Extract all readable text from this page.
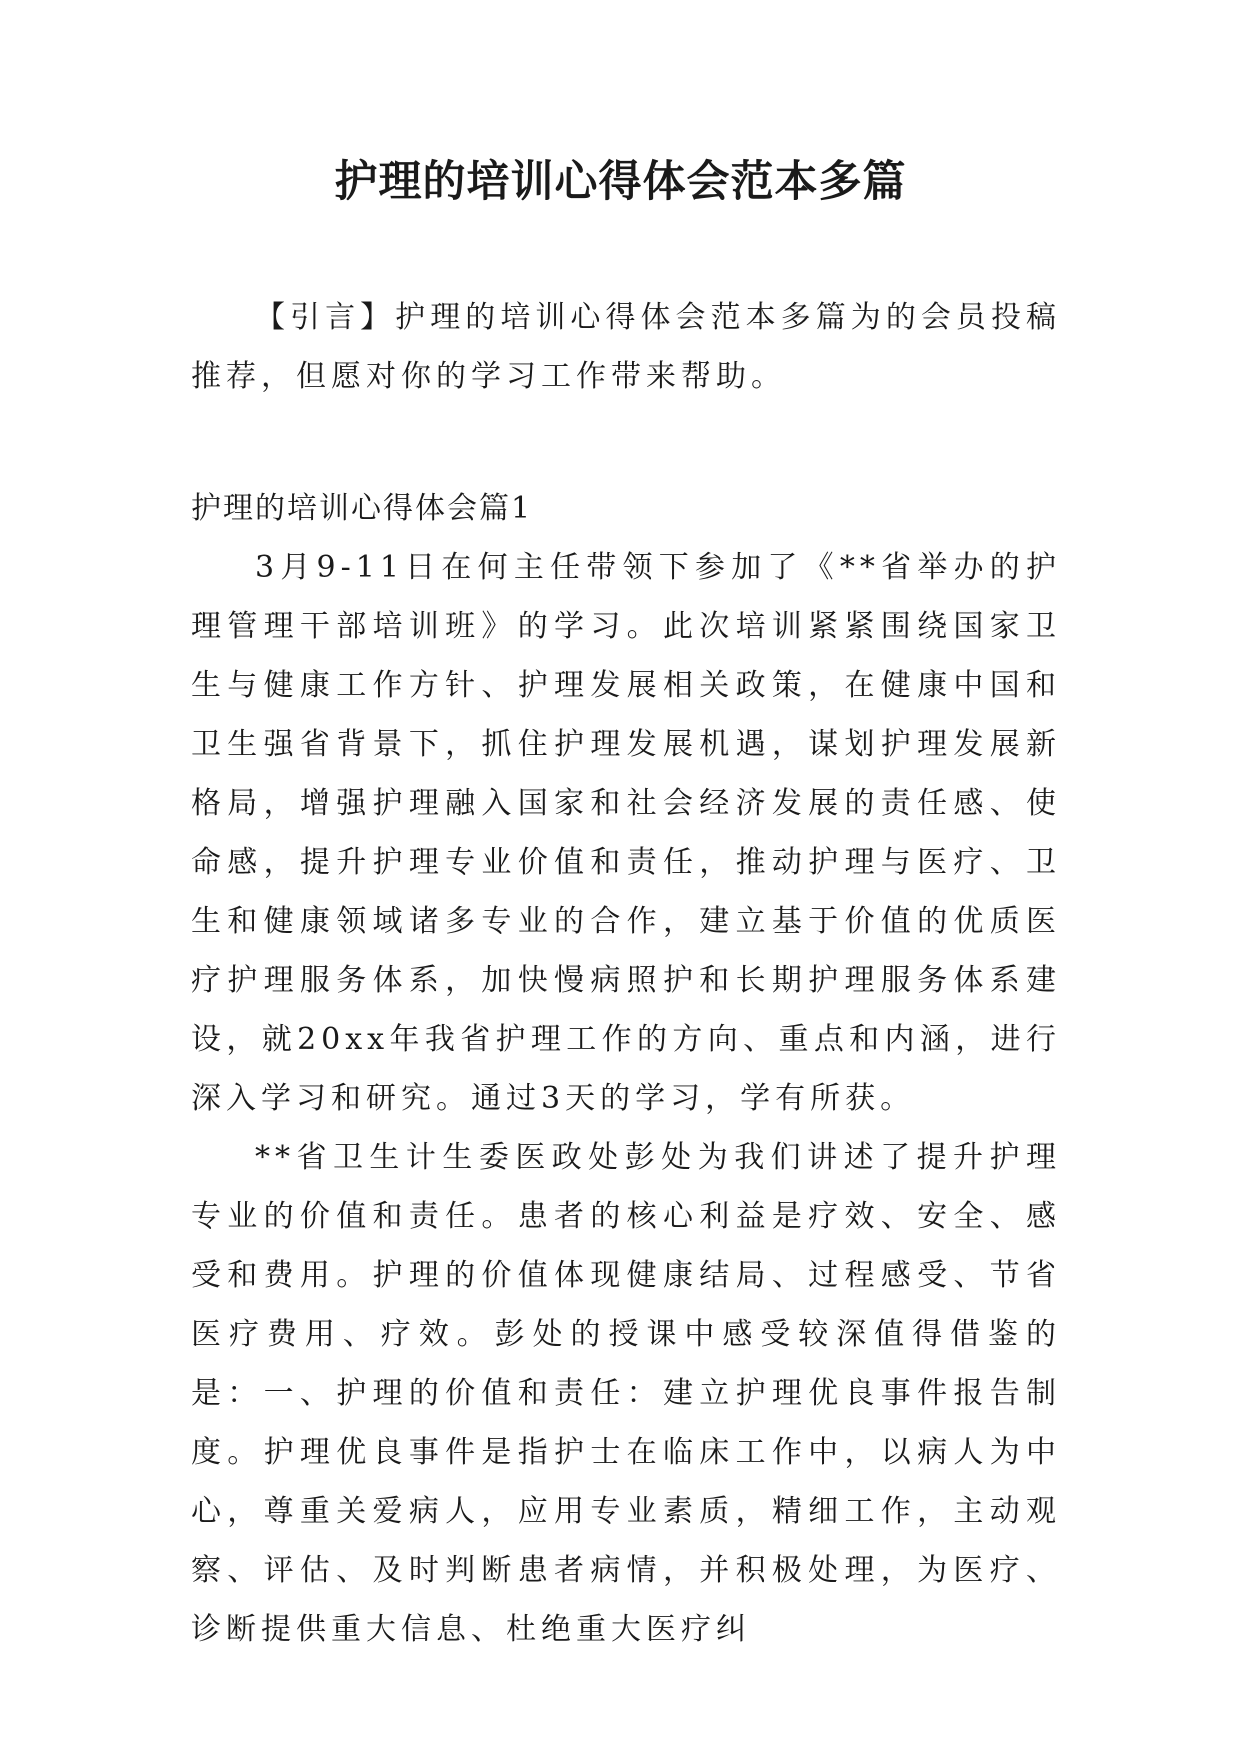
护理的培训心得体会范本多篇

【引言】护理的培训心得体会范本多篇为的会员投稿推荐，但愿对你的学习工作带来帮助。

护理的培训心得体会篇1

3月9-11日在何主任带领下参加了《**省举办的护理管理干部培训班》的学习。此次培训紧紧围绕国家卫生与健康工作方针、护理发展相关政策，在健康中国和卫生强省背景下，抓住护理发展机遇，谋划护理发展新格局，增强护理融入国家和社会经济发展的责任感、使命感，提升护理专业价值和责任，推动护理与医疗、卫生和健康领域诸多专业的合作，建立基于价值的优质医疗护理服务体系，加快慢病照护和长期护理服务体系建设，就20xx年我省护理工作的方向、重点和内涵，进行深入学习和研究。通过3天的学习，学有所获。

**省卫生计生委医政处彭处为我们讲述了提升护理专业的价值和责任。患者的核心利益是疗效、安全、感受和费用。护理的价值体现健康结局、过程感受、节省医疗费用、疗效。彭处的授课中感受较深值得借鉴的是：一、护理的价值和责任：建立护理优良事件报告制度。护理优良事件是指护士在临床工作中，以病人为中心，尊重关爱病人，应用专业素质，精细工作，主动观察、评估、及时判断患者病情，并积极处理，为医疗、诊断提供重大信息、杜绝重大医疗纠
